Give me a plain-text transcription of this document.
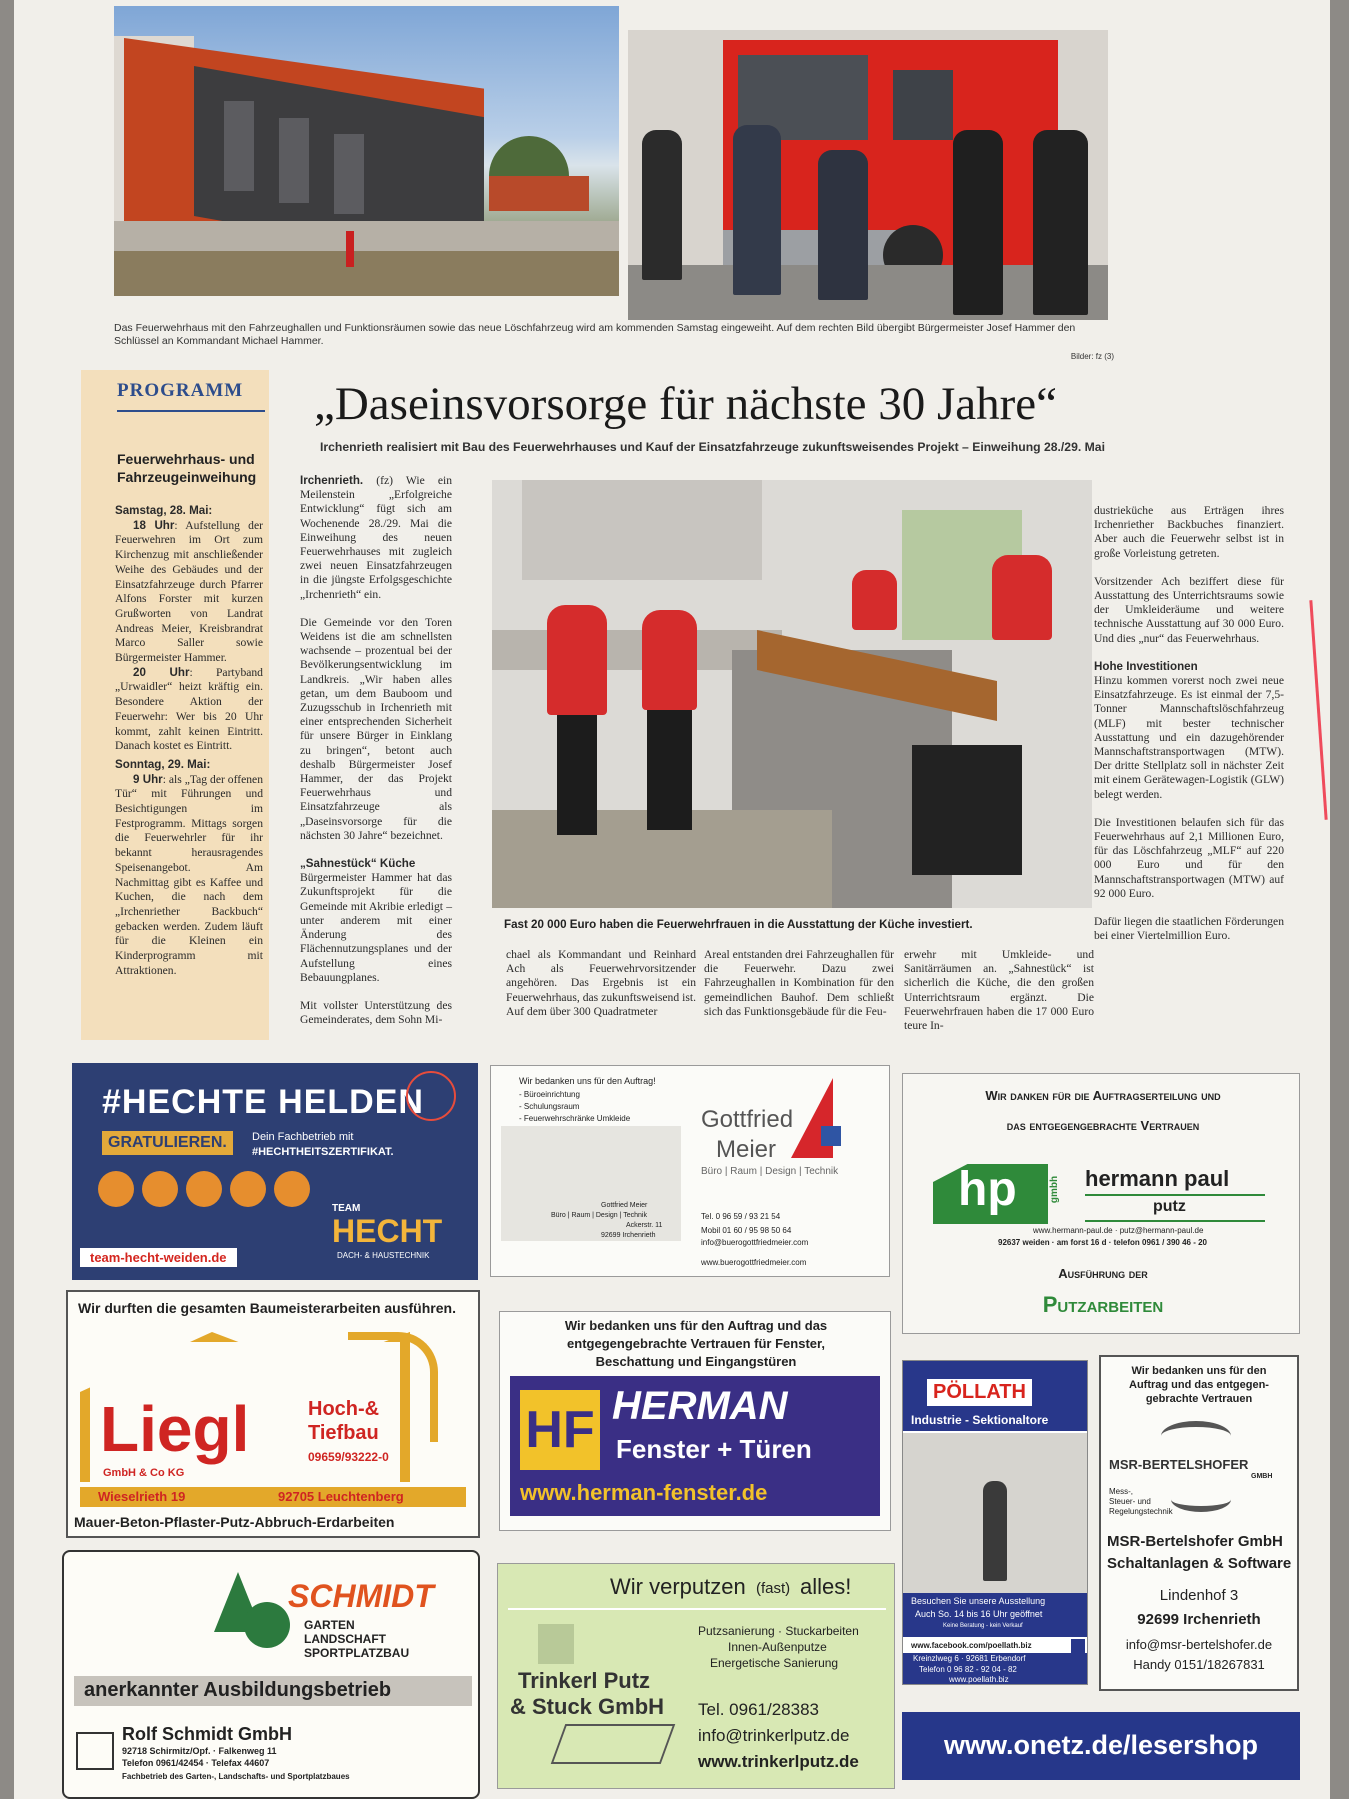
Das Feuerwehrhaus mit den Fahrzeughallen und Funktionsräumen sowie das neue Löschfahrzeug wird am kommenden Samstag eingeweiht. Auf dem rechten Bild übergibt Bürgermeister Josef Hammer den Schlüssel an Kommandant Michael Hammer.
Bilder: fz (3)
PROGRAMM
Feuerwehrhaus- und Fahrzeugeinweihung
Samstag, 28. Mai:
18 Uhr: Aufstellung der Feuerwehren im Ort zum Kirchenzug mit anschließender Weihe des Gebäudes und der Einsatzfahrzeuge durch Pfarrer Alfons Forster mit kurzen Grußworten von Landrat Andreas Meier, Kreisbrandrat Marco Saller sowie Bürgermeister Hammer.
20 Uhr: Partyband „Urwaidler“ heizt kräftig ein. Besondere Aktion der Feuerwehr: Wer bis 20 Uhr kommt, zahlt keinen Eintritt. Danach kostet es Eintritt.
Sonntag, 29. Mai:
9 Uhr: als „Tag der offenen Tür“ mit Führungen und Besichtigungen im Festprogramm. Mittags sorgen die Feuerwehrler für ihr bekannt herausragendes Speisenangebot. Am Nachmittag gibt es Kaffee und Kuchen, die nach dem „Irchenriether Backbuch“ gebacken werden. Zudem läuft für die Kleinen ein Kinderprogramm mit Attraktionen.
„Daseinsvorsorge für nächste 30 Jahre“
Irchenrieth realisiert mit Bau des Feuerwehrhauses und Kauf der Einsatzfahrzeuge zukunftsweisendes Projekt – Einweihung 28./29. Mai

Irchenrieth. (fz) Wie ein Meilenstein „Erfolgreiche Entwicklung“ fügt sich am Wochenende 28./29. Mai die Einweihung des neuen Feuerwehrhauses mit zugleich zwei neuen Einsatzfahrzeugen in die jüngste Erfolgsgeschichte „Irchenrieth“ ein.

Die Gemeinde vor den Toren Weidens ist die am schnellsten wachsende – prozentual bei der Bevölkerungsentwicklung im Landkreis. „Wir haben alles getan, um dem Bauboom und Zuzugsschub in Irchenrieth mit einer entsprechenden Sicherheit für unsere Bürger in Einklang zu bringen“, betont auch deshalb Bürgermeister Josef Hammer, der das Projekt Feuerwehrhaus und Einsatzfahrzeuge als „Daseinsvorsorge für die nächsten 30 Jahre“ bezeichnet.

„Sahnestück“ Küche

Bürgermeister Hammer hat das Zukunftsprojekt für die Gemeinde mit Akribie erledigt – unter anderem mit einer Änderung des Flächennutzungsplanes und der Aufstellung eines Bebauungplanes.

Mit vollster Unterstützung des Gemeinderates, dem Sohn Mi-

Fast 20 000 Euro haben die Feuerwehrfrauen in die Ausstattung der Küche investiert.
chael als Kommandant und Reinhard Ach als Feuerwehrvorsitzender angehören. Das Ergebnis ist ein Feuerwehrhaus, das zukunftsweisend ist. Auf dem über 300 Quadratmeter
Areal entstanden drei Fahrzeughallen für die Feuerwehr. Dazu zwei Fahrzeughallen in Kombination für den gemeindlichen Bauhof. Dem schließt sich das Funktionsgebäude für die Feu-
erwehr mit Umkleide- und Sanitärräumen an. „Sahnestück“ ist sicherlich die Küche, die den großen Unterrichtsraum ergänzt. Die Feuerwehrfrauen haben die 17 000 Euro teure In-

dustrieküche aus Erträgen ihres Irchenriether Backbuches finanziert. Aber auch die Feuerwehr selbst ist in große Vorleistung getreten.

Vorsitzender Ach beziffert diese für Ausstattung des Unterrichtsraums sowie der Umkleideräume und weitere technische Ausstattung auf 30 000 Euro. Und dies „nur“ das Feuerwehrhaus.

Hohe Investitionen

Hinzu kommen vorerst noch zwei neue Einsatzfahrzeuge. Es ist einmal der 7,5-Tonner Mannschaftslöschfahrzeug (MLF) mit bester technischer Ausstattung und ein dazugehörender Mannschaftstransportwagen (MTW). Der dritte Stellplatz soll in nächster Zeit mit einem Gerätewagen-Logistik (GLW) belegt werden.

Die Investitionen belaufen sich für das Feuerwehrhaus auf 2,1 Millionen Euro, für das Löschfahrzeug „MLF“ auf 220 000 Euro und für den Mannschaftstransportwagen (MTW) auf 92 000 Euro.

Dafür liegen die staatlichen Förderungen bei einer Viertelmillion Euro.

#HECHTE HELDEN
GRATULIEREN.	Dein Fachbetrieb mit
#HECHTHEITSZERTIFIKAT.
team-hecht-weiden.de
TEAM
HECHT
DACH- & HAUSTECHNIK
Wir bedanken uns für den Auftrag!
- Büroeinrichtung
- Schulungsraum
- Feuerwehrschränke Umkleide	Gottfried
Meier
Büro | Raum | Design | Technik
Gottfried Meier
Büro | Raum | Design | Technik
Ackerstr. 11
92699 Irchenrieth
Tel. 0 96 59 / 93 21 54
Mobil 01 60 / 95 98 50 64
info@buerogottfriedmeier.com
www.buerogottfriedmeier.com
Wir danken für die Auftragserteilung und
das entgegengebrachte Vertrauen
hp	gmbh hermann paul
putz
www.hermann-paul.de · putz@hermann-paul.de
92637 weiden · am forst 16 d · telefon 0961 / 390 46 - 20
Ausführung der
Putzarbeiten
Wir durften die gesamten Baumeisterarbeiten ausführen.
Liegl
GmbH & Co KG
Hoch-&
Tiefbau
09659/93222-0
Wieselrieth 19	92705 Leuchtenberg
Mauer-Beton-Pflaster-Putz-Abbruch-Erdarbeiten
Wir bedanken uns für den Auftrag und das
entgegengebrachte Vertrauen für Fenster,
Beschattung und Eingangstüren
HF HERMAN
Fenster + Türen
www.herman-fenster.de
SCHMIDT
GARTEN
LANDSCHAFT
SPORTPLATZBAU
anerkannter Ausbildungsbetrieb
Rolf Schmidt GmbH
92718 Schirmitz/Opf. · Falkenweg 11
Telefon 0961/42454 · Telefax 44607
Fachbetrieb des Garten-, Landschafts- und Sportplatzbaues
Wir verputzen (fast) alles!
Putzsanierung · Stuckarbeiten
Innen-Außenputze
Energetische Sanierung
Trinkerl Putz
& Stuck GmbH Tel. 0961/28383
info@trinkerlputz.de
www.trinkerlputz.de
PÖLLATH
Industrie - Sektionaltore
Besuchen Sie unsere Ausstellung
Auch So. 14 bis 16 Uhr geöffnet
Keine Beratung - kein Verkauf
www.facebook.com/poellath.biz
Kreinzlweg 6 · 92681 Erbendorf
Telefon 0 96 82 - 92 04 - 82
www.poellath.biz
Wir bedanken uns für den
Auftrag und das entgegen-
gebrachte Vertrauen
MSR-BERTELSHOFER
GMBH
Mess-,
Steuer- und
Regelungstechnik
MSR-Bertelshofer GmbH
Schaltanlagen & Software
Lindenhof 3
92699 Irchenrieth
info@msr-bertelshofer.de
Handy 0151/18267831
www.onetz.de/lesershop
